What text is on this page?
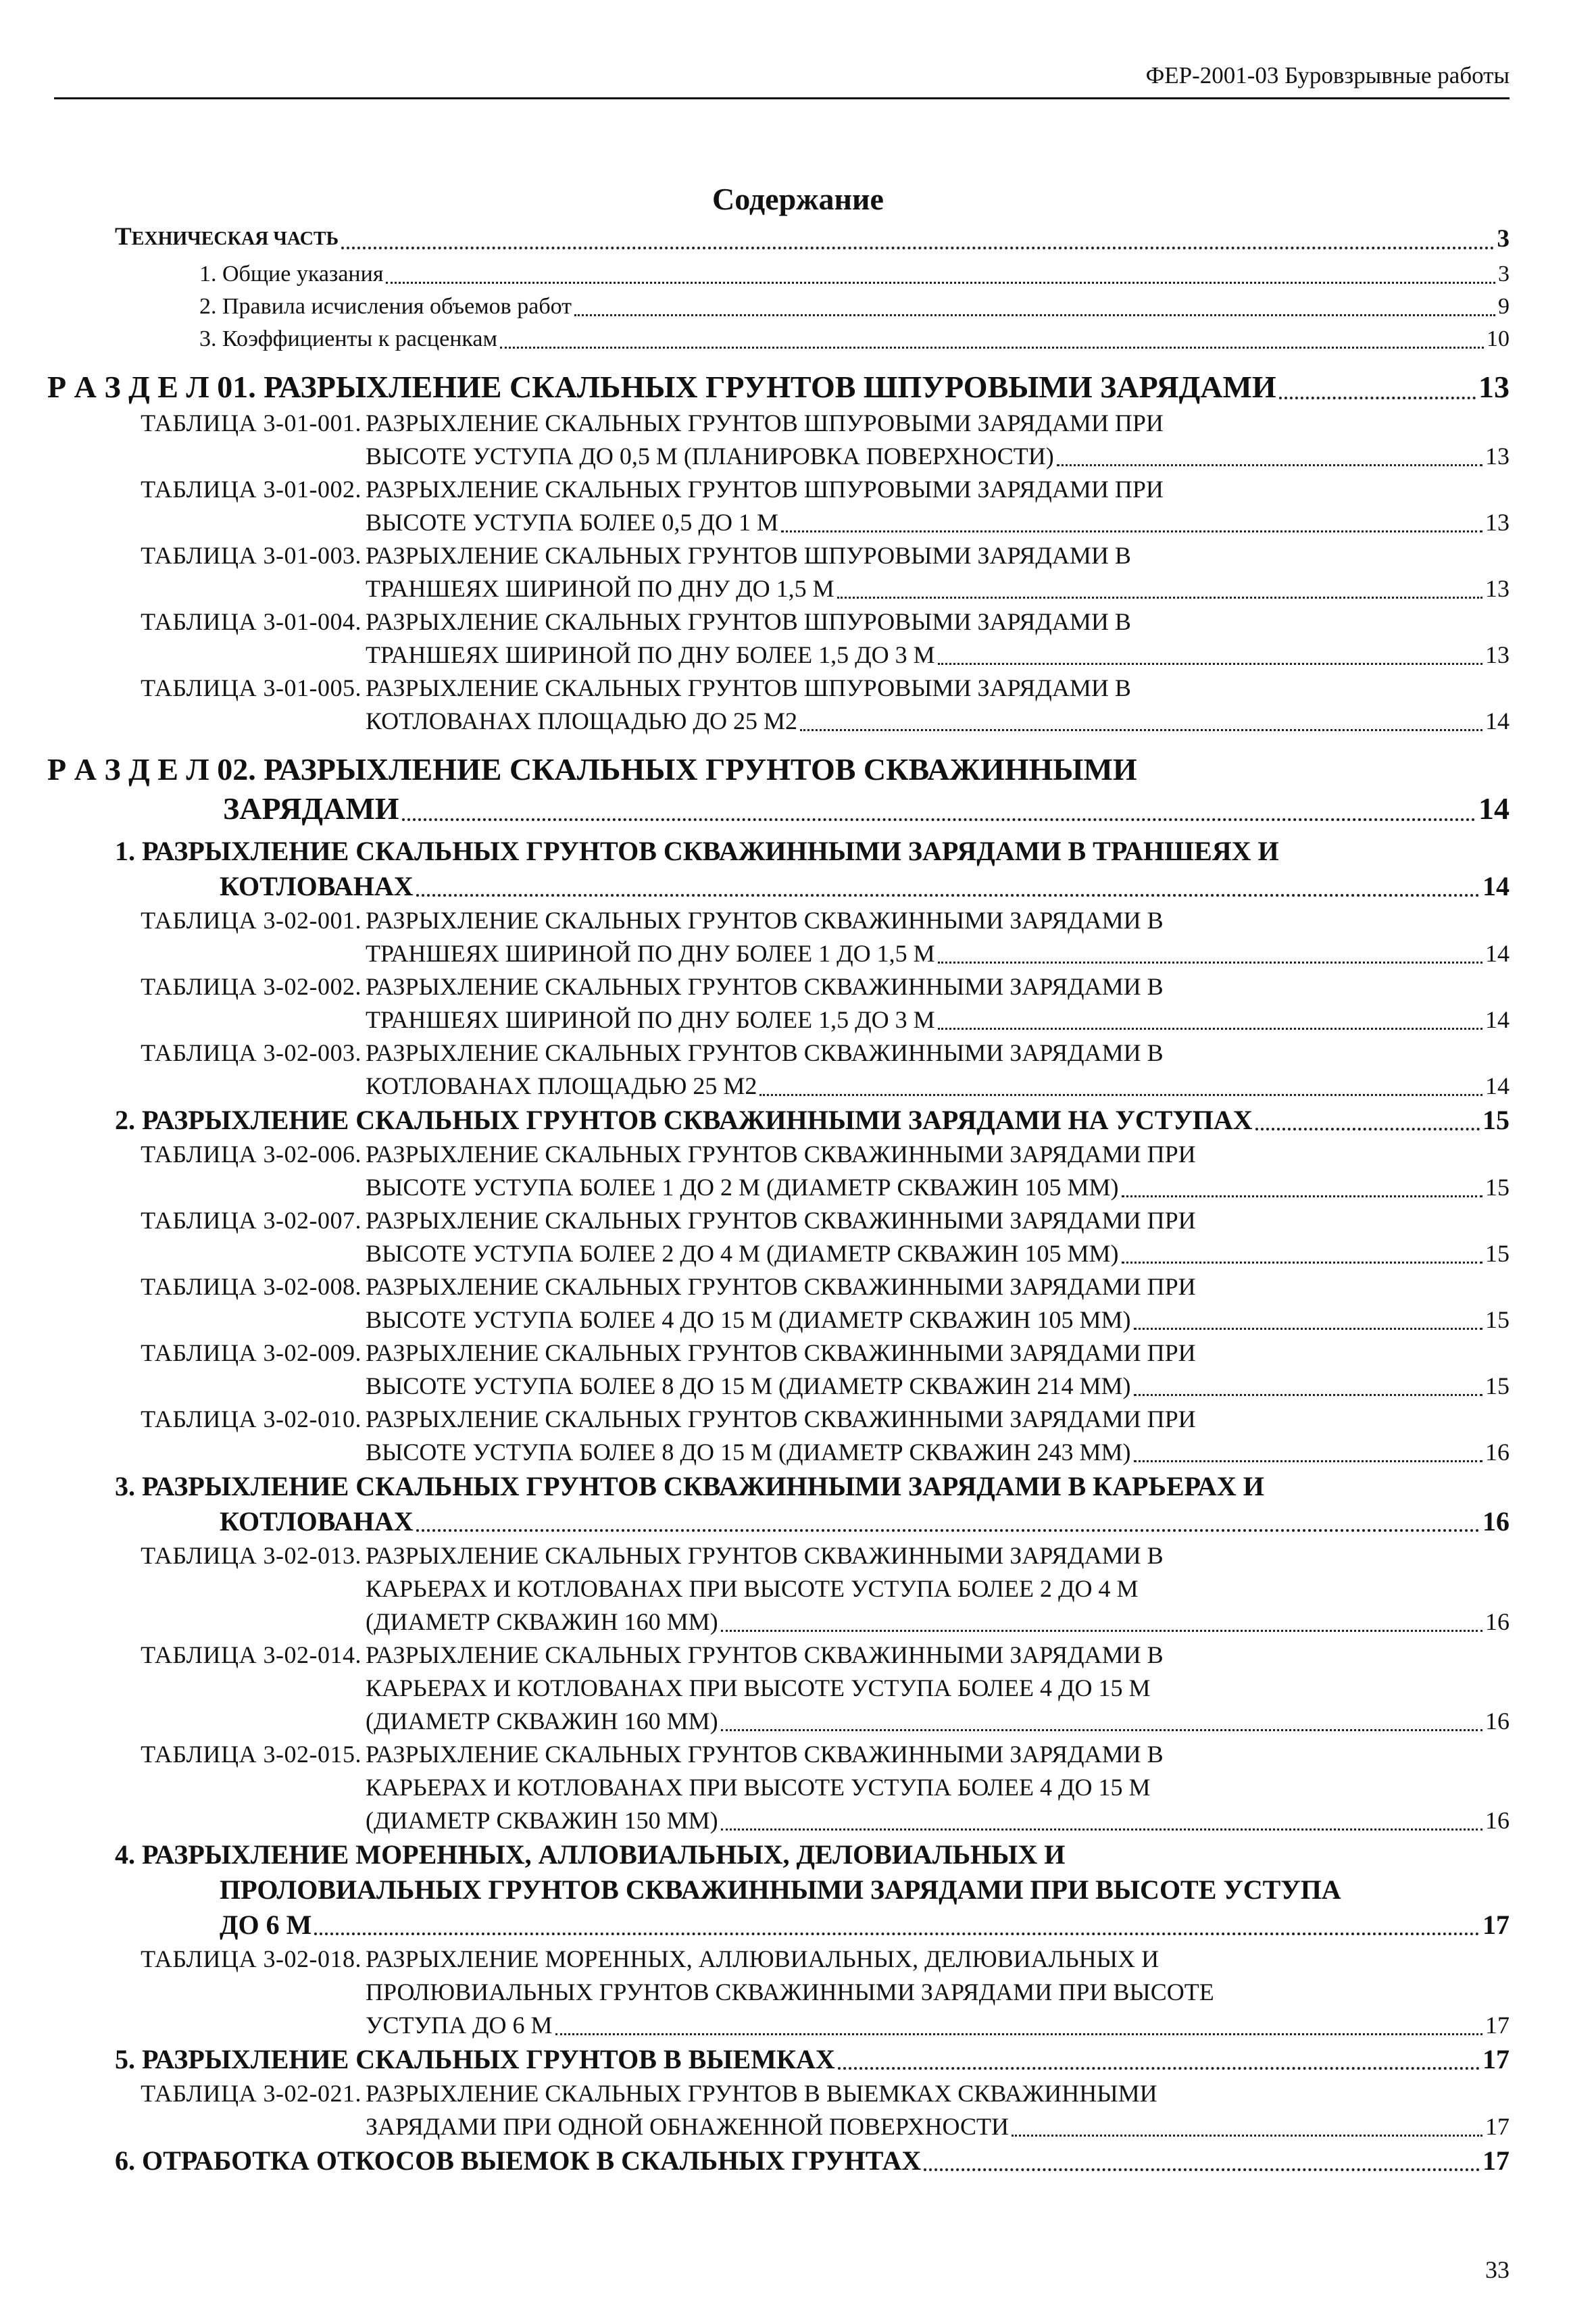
ФЕР-2001-03 Буровзрывные работы
Содержание
ТЕХНИЧЕСКАЯ ЧАСТЬ	3
1. Общие указания	3
2. Правила исчисления объемов работ	9
3. Коэффициенты к расценкам	10
Р А З Д Е Л 01. РАЗРЫХЛЕНИЕ СКАЛЬНЫХ ГРУНТОВ ШПУРОВЫМИ ЗАРЯДАМИ	13
ТАБЛИЦА 3-01-001. РАЗРЫХЛЕНИЕ СКАЛЬНЫХ ГРУНТОВ ШПУРОВЫМИ ЗАРЯДАМИ ПРИ
ВЫСОТЕ УСТУПА ДО 0,5 М (ПЛАНИРОВКА ПОВЕРХНОСТИ)	13
ТАБЛИЦА 3-01-002. РАЗРЫХЛЕНИЕ СКАЛЬНЫХ ГРУНТОВ ШПУРОВЫМИ ЗАРЯДАМИ ПРИ
ВЫСОТЕ УСТУПА БОЛЕЕ 0,5 ДО 1 М	13
ТАБЛИЦА 3-01-003. РАЗРЫХЛЕНИЕ СКАЛЬНЫХ ГРУНТОВ ШПУРОВЫМИ ЗАРЯДАМИ В
ТРАНШЕЯХ ШИРИНОЙ ПО ДНУ ДО 1,5 М	13
ТАБЛИЦА 3-01-004. РАЗРЫХЛЕНИЕ СКАЛЬНЫХ ГРУНТОВ ШПУРОВЫМИ ЗАРЯДАМИ В
ТРАНШЕЯХ ШИРИНОЙ ПО ДНУ БОЛЕЕ 1,5 ДО 3 М	13
ТАБЛИЦА 3-01-005. РАЗРЫХЛЕНИЕ СКАЛЬНЫХ ГРУНТОВ ШПУРОВЫМИ ЗАРЯДАМИ В
КОТЛОВАНАХ ПЛОЩАДЬЮ ДО 25 М2	14
Р А З Д Е Л 02. РАЗРЫХЛЕНИЕ СКАЛЬНЫХ ГРУНТОВ СКВАЖИННЫМИ
ЗАРЯДАМИ	14
1. РАЗРЫХЛЕНИЕ СКАЛЬНЫХ ГРУНТОВ СКВАЖИННЫМИ ЗАРЯДАМИ В ТРАНШЕЯХ И
КОТЛОВАНАХ	14
ТАБЛИЦА 3-02-001. РАЗРЫХЛЕНИЕ СКАЛЬНЫХ ГРУНТОВ СКВАЖИННЫМИ ЗАРЯДАМИ В
ТРАНШЕЯХ ШИРИНОЙ ПО ДНУ БОЛЕЕ 1 ДО 1,5 М	14
ТАБЛИЦА 3-02-002. РАЗРЫХЛЕНИЕ СКАЛЬНЫХ ГРУНТОВ СКВАЖИННЫМИ ЗАРЯДАМИ В
ТРАНШЕЯХ ШИРИНОЙ ПО ДНУ БОЛЕЕ 1,5 ДО 3 М	14
ТАБЛИЦА 3-02-003. РАЗРЫХЛЕНИЕ СКАЛЬНЫХ ГРУНТОВ СКВАЖИННЫМИ ЗАРЯДАМИ В
КОТЛОВАНАХ ПЛОЩАДЬЮ 25 М2	14
2. РАЗРЫХЛЕНИЕ СКАЛЬНЫХ ГРУНТОВ СКВАЖИННЫМИ ЗАРЯДАМИ НА УСТУПАХ	15
ТАБЛИЦА 3-02-006. РАЗРЫХЛЕНИЕ СКАЛЬНЫХ ГРУНТОВ СКВАЖИННЫМИ ЗАРЯДАМИ ПРИ
ВЫСОТЕ УСТУПА БОЛЕЕ 1 ДО 2 М (ДИАМЕТР СКВАЖИН 105 ММ)	15
ТАБЛИЦА 3-02-007. РАЗРЫХЛЕНИЕ СКАЛЬНЫХ ГРУНТОВ СКВАЖИННЫМИ ЗАРЯДАМИ ПРИ
ВЫСОТЕ УСТУПА БОЛЕЕ 2 ДО 4 М (ДИАМЕТР СКВАЖИН 105 ММ)	15
ТАБЛИЦА 3-02-008. РАЗРЫХЛЕНИЕ СКАЛЬНЫХ ГРУНТОВ СКВАЖИННЫМИ ЗАРЯДАМИ ПРИ
ВЫСОТЕ УСТУПА БОЛЕЕ 4 ДО 15 М (ДИАМЕТР СКВАЖИН 105 ММ)	15
ТАБЛИЦА 3-02-009. РАЗРЫХЛЕНИЕ СКАЛЬНЫХ ГРУНТОВ СКВАЖИННЫМИ ЗАРЯДАМИ ПРИ
ВЫСОТЕ УСТУПА БОЛЕЕ 8 ДО 15 М (ДИАМЕТР СКВАЖИН 214 ММ)	15
ТАБЛИЦА 3-02-010. РАЗРЫХЛЕНИЕ СКАЛЬНЫХ ГРУНТОВ СКВАЖИННЫМИ ЗАРЯДАМИ ПРИ
ВЫСОТЕ УСТУПА БОЛЕЕ 8 ДО 15 М (ДИАМЕТР СКВАЖИН 243 ММ)	16
3. РАЗРЫХЛЕНИЕ СКАЛЬНЫХ ГРУНТОВ СКВАЖИННЫМИ ЗАРЯДАМИ В КАРЬЕРАХ И
КОТЛОВАНАХ	16
ТАБЛИЦА 3-02-013. РАЗРЫХЛЕНИЕ СКАЛЬНЫХ ГРУНТОВ СКВАЖИННЫМИ ЗАРЯДАМИ В
КАРЬЕРАХ И КОТЛОВАНАХ ПРИ ВЫСОТЕ УСТУПА БОЛЕЕ 2 ДО 4 М
(ДИАМЕТР СКВАЖИН 160 ММ)	16
ТАБЛИЦА 3-02-014. РАЗРЫХЛЕНИЕ СКАЛЬНЫХ ГРУНТОВ СКВАЖИННЫМИ ЗАРЯДАМИ В
КАРЬЕРАХ И КОТЛОВАНАХ ПРИ ВЫСОТЕ УСТУПА БОЛЕЕ 4 ДО 15 М
(ДИАМЕТР СКВАЖИН 160 ММ)	16
ТАБЛИЦА 3-02-015. РАЗРЫХЛЕНИЕ СКАЛЬНЫХ ГРУНТОВ СКВАЖИННЫМИ ЗАРЯДАМИ В
КАРЬЕРАХ И КОТЛОВАНАХ ПРИ ВЫСОТЕ УСТУПА БОЛЕЕ 4 ДО 15 М
(ДИАМЕТР СКВАЖИН 150 ММ)	16
4. РАЗРЫХЛЕНИЕ МОРЕННЫХ, АЛЛОВИАЛЬНЫХ, ДЕЛОВИАЛЬНЫХ И
ПРОЛОВИАЛЬНЫХ ГРУНТОВ СКВАЖИННЫМИ ЗАРЯДАМИ ПРИ ВЫСОТЕ УСТУПА
ДО 6 М	17
ТАБЛИЦА 3-02-018. РАЗРЫХЛЕНИЕ МОРЕННЫХ, АЛЛЮВИАЛЬНЫХ, ДЕЛЮВИАЛЬНЫХ И
ПРОЛЮВИАЛЬНЫХ ГРУНТОВ СКВАЖИННЫМИ ЗАРЯДАМИ ПРИ ВЫСОТЕ
УСТУПА ДО 6 М	17
5. РАЗРЫХЛЕНИЕ СКАЛЬНЫХ ГРУНТОВ В ВЫЕМКАХ	17
ТАБЛИЦА 3-02-021. РАЗРЫХЛЕНИЕ СКАЛЬНЫХ ГРУНТОВ В ВЫЕМКАХ СКВАЖИННЫМИ
ЗАРЯДАМИ ПРИ ОДНОЙ ОБНАЖЕННОЙ ПОВЕРХНОСТИ	17
6. ОТРАБОТКА ОТКОСОВ ВЫЕМОК В СКАЛЬНЫХ ГРУНТАХ	17
33
